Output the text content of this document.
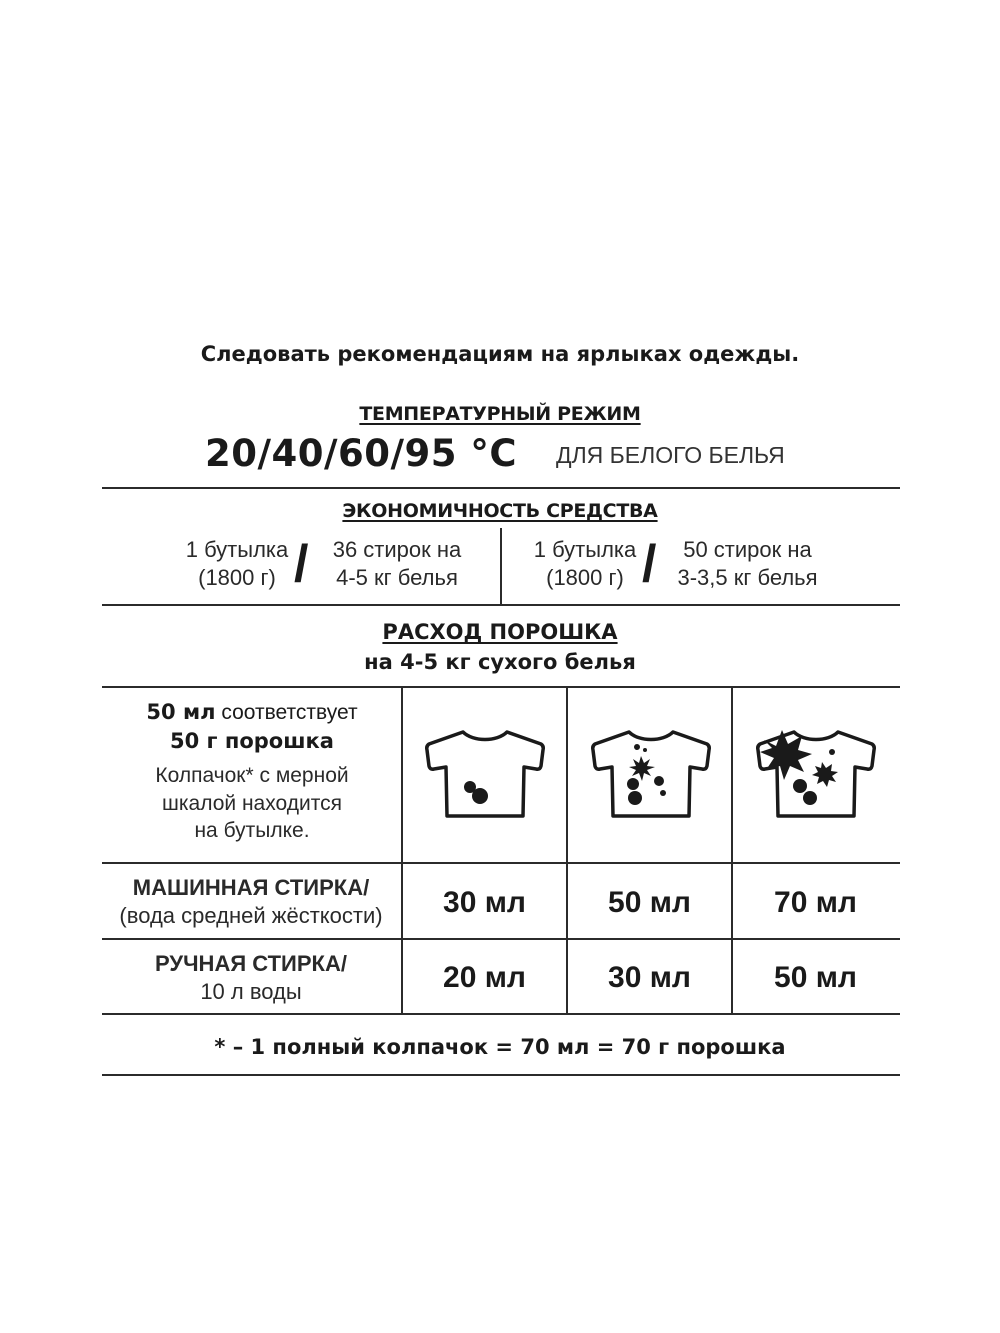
Следовать рекомендациям на ярлыках одежды.
ТЕМПЕРАТУРНЫЙ РЕЖИМ
20/40/60/95 °C ДЛЯ БЕЛОГО БЕЛЬЯ
ЭКОНОМИЧНОСТЬ СРЕДСТВА
1 бутылка
(1800 г) /	36 стирок на
4-5 кг белья
1 бутылка
(1800 г) /	50 стирок на
3-3,5 кг белья
РАСХОД ПОРОШКА
на 4-5 кг сухого белья
50 мл соответствует
50 г порошка
Колпачок* с мерной
шкалой находится
на бутылке.
МАШИННАЯ СТИРКА/
(вода средней жёсткости)	30 мл	50 мл	70 мл
РУЧНАЯ СТИРКА/
10 л воды	20 мл	30 мл	50 мл
* – 1 полный колпачок = 70 мл = 70 г порошка
